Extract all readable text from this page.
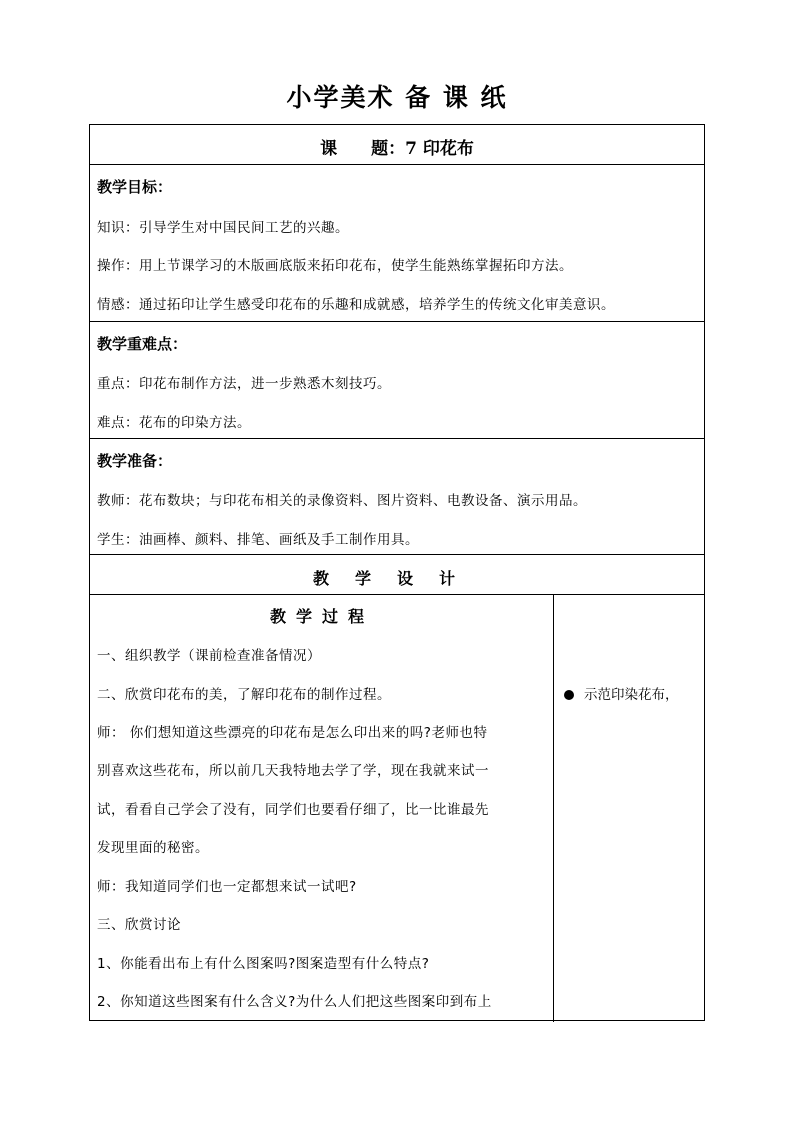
小学美术 备 课 纸
课　　题：7 印花布
教学目标：
知识：引导学生对中国民间工艺的兴趣。
操作：用上节课学习的木版画底版来拓印花布，使学生能熟练掌握拓印方法。
情感：通过拓印让学生感受印花布的乐趣和成就感，培养学生的传统文化审美意识。
教学重难点：
重点：印花布制作方法，进一步熟悉木刻技巧。
难点：花布的印染方法。
教学准备：
教师：花布数块；与印花布相关的录像资料、图片资料、电教设备、演示用品。
学生：油画棒、颜料、排笔、画纸及手工制作用具。
教学设计
教学过程
一、组织教学（课前检查准备情况）
二、欣赏印花布的美，了解印花布的制作过程。
师： 你们想知道这些漂亮的印花布是怎么印出来的吗?老师也特
别喜欢这些花布，所以前几天我特地去学了学，现在我就来试一
试，看看自己学会了没有，同学们也要看仔细了，比一比谁最先
发现里面的秘密。
师：我知道同学们也一定都想来试一试吧?
三、欣赏讨论
1、你能看出布上有什么图案吗?图案造型有什么特点?
2、你知道这些图案有什么含义?为什么人们把这些图案印到布上
示范印染花布，
